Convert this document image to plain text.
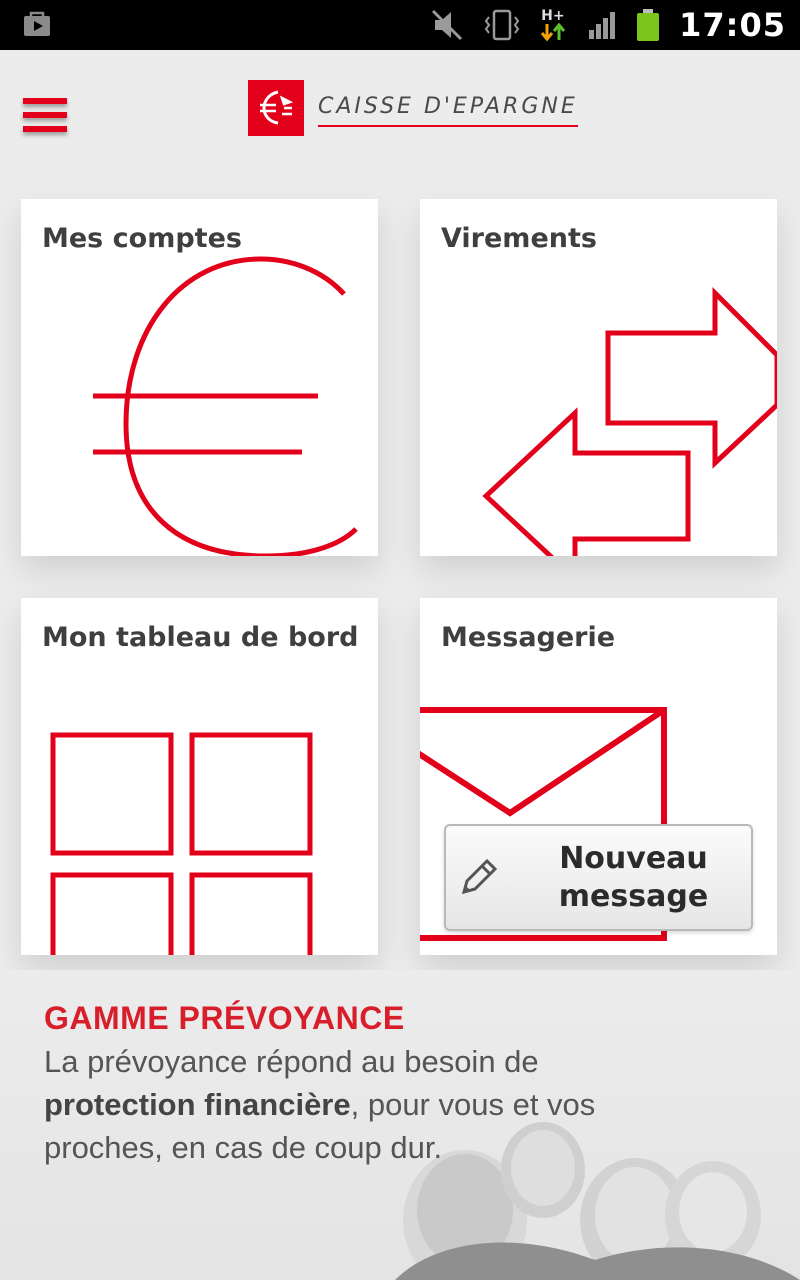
H+	17:05
CAISSE D'EPARGNE
Mes comptes	Virements
Mon tableau de bord	Messagerie
Nouveau
message
GAMME PRÉVOYANCE
La prévoyance répond au besoin de protection financière, pour vous et vos proches, en cas de coup dur.
